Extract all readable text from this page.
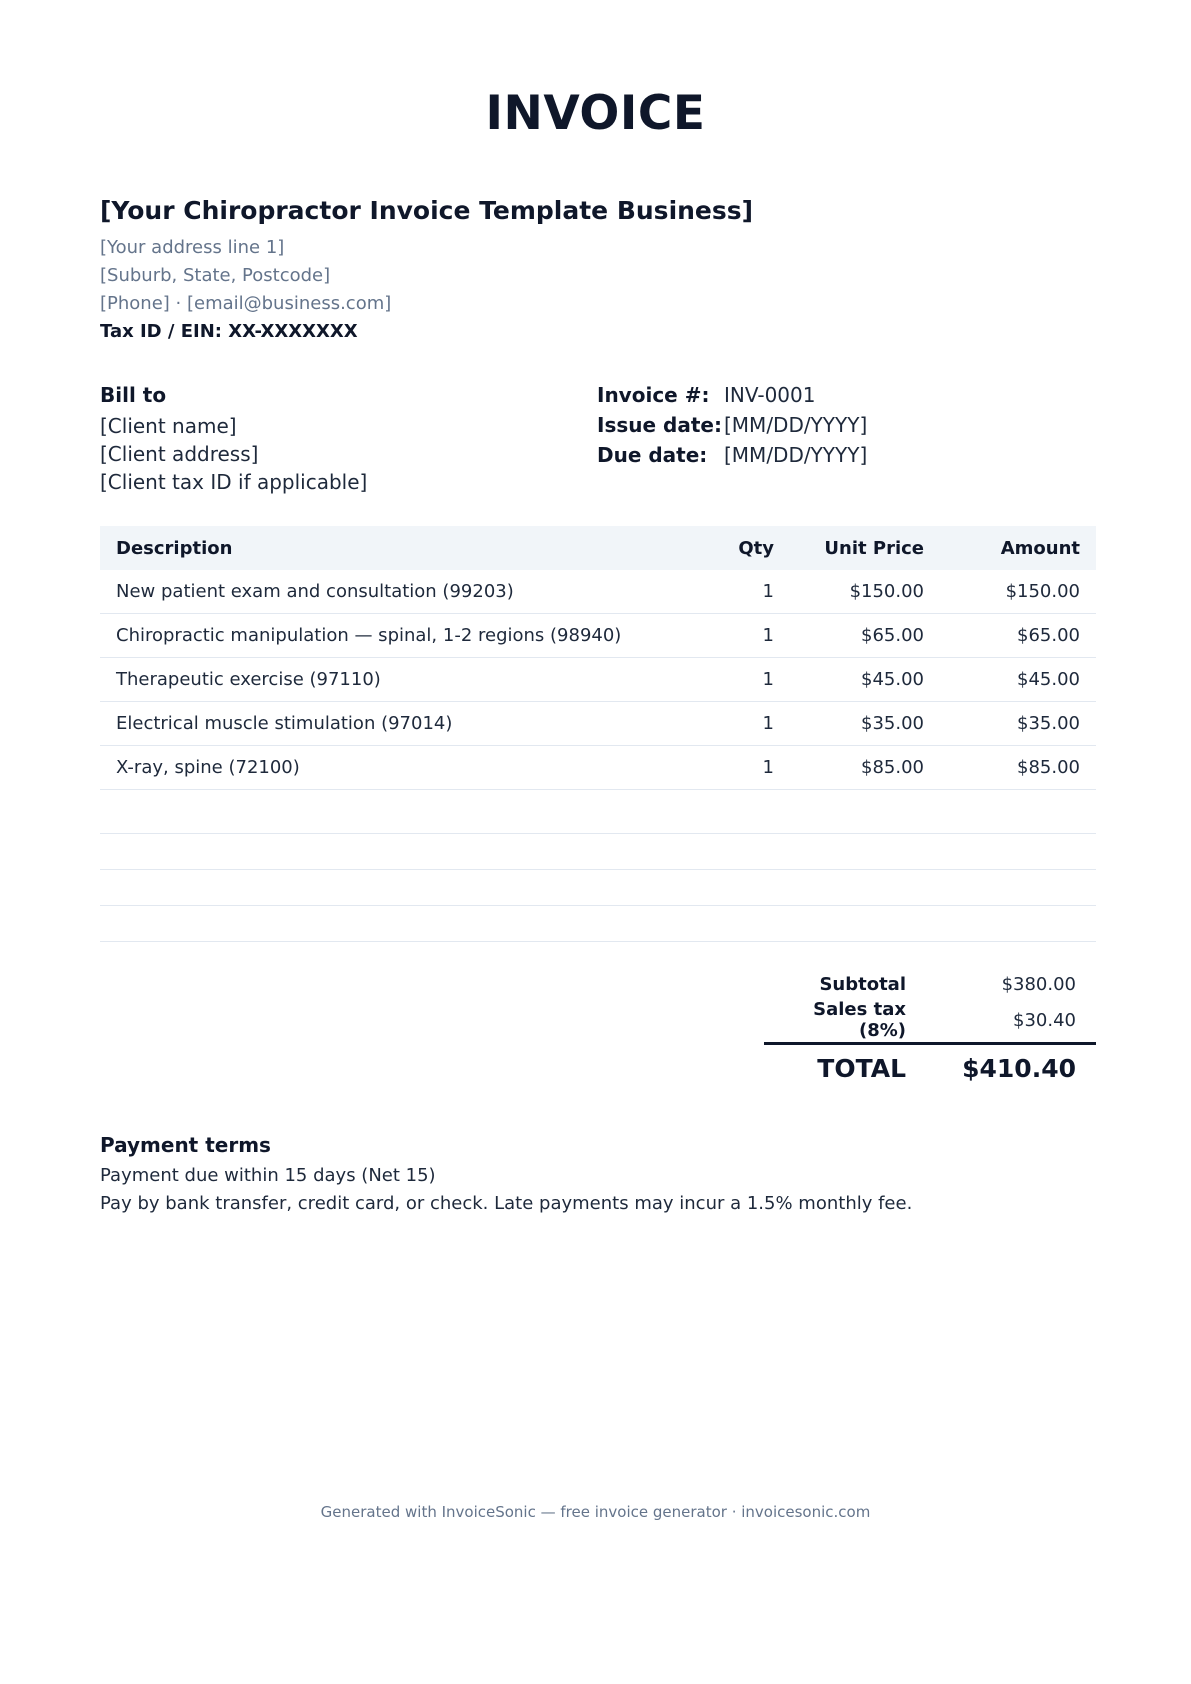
INVOICE
[Your Chiropractor Invoice Template Business]
[Your address line 1]
[Suburb, State, Postcode]
[Phone] · [email@business.com]
Tax ID / EIN: XX-XXXXXXX
Bill to
[Client name]
[Client address]
[Client tax ID if applicable]
Invoice #: INV-0001
Issue date: [MM/DD/YYYY]
Due date: [MM/DD/YYYY]
Description	Qty	Unit Price	Amount
New patient exam and consultation (99203)	1	$150.00	$150.00
Chiropractic manipulation — spinal, 1-2 regions (98940)	1	$65.00	$65.00
Therapeutic exercise (97110)	1	$45.00	$45.00
Electrical muscle stimulation (97014)	1	$35.00	$35.00
X-ray, spine (72100)	1	$85.00	$85.00

Subtotal	$380.00
Sales tax (8%)	$30.40
TOTAL	$410.40
Payment terms
Payment due within 15 days (Net 15)
Pay by bank transfer, credit card, or check. Late payments may incur a 1.5% monthly fee.
Generated with InvoiceSonic — free invoice generator · invoicesonic.com
